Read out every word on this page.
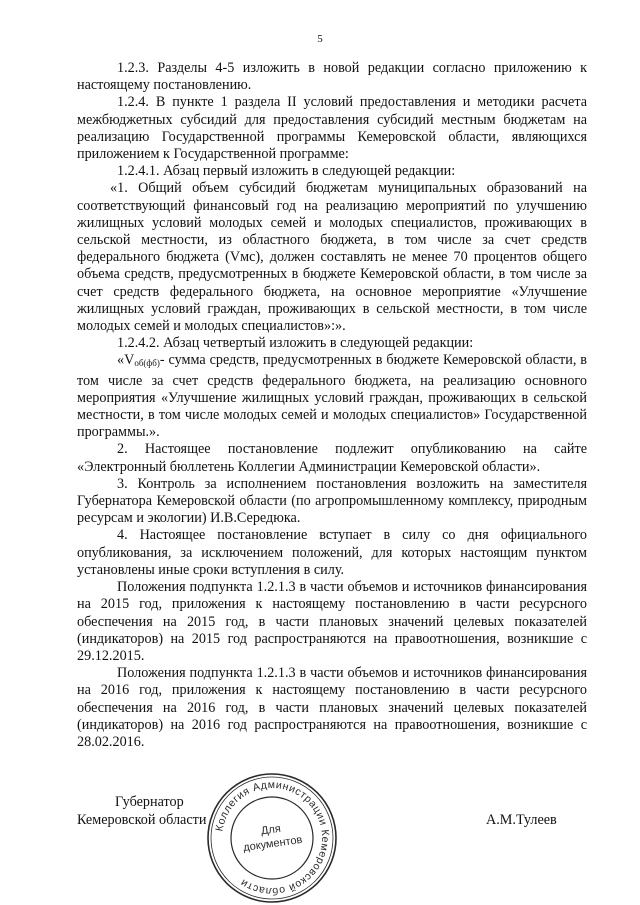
5

1.2.3. Разделы 4-5 изложить в новой редакции согласно приложению к настоящему постановлению.

1.2.4. В пункте 1 раздела II условий предоставления и методики расчета межбюджетных субсидий для предоставления субсидий местным бюджетам на реализацию Государственной программы Кемеровской области, являющихся приложением к Государственной программе:

1.2.4.1. Абзац первый изложить в следующей редакции:

«1. Общий объем субсидий бюджетам муниципальных образований на соответствующий финансовый год на реализацию мероприятий по улучшению жилищных условий молодых семей и молодых специалистов, проживающих в сельской местности, из областного бюджета, в том числе за счет средств федерального бюджета (Vмс), должен составлять не менее 70 процентов общего объема средств, предусмотренных в бюджете Кемеровской области, в том числе за счет средств федерального бюджета, на основное мероприятие «Улучшение жилищных условий граждан, проживающих в сельской местности, в том числе молодых семей и молодых специалистов»:».

1.2.4.2. Абзац четвертый изложить в следующей редакции:

«$V_{об(фб)}-$ сумма средств, предусмотренных в бюджете Кемеровской области, в том числе за счет средств федерального бюджета, на реализацию основного мероприятия «Улучшение жилищных условий граждан, проживающих в сельской местности, в том числе молодых семей и молодых специалистов» Государственной программы.».

2. Настоящее постановление подлежит опубликованию на сайте «Электронный бюллетень Коллегии Администрации Кемеровской области».

3. Контроль за исполнением постановления возложить на заместителя Губернатора Кемеровской области (по агропромышленному комплексу, природным ресурсам и экологии) И.В.Середюка.

4. Настоящее постановление вступает в силу со дня официального опубликования, за исключением положений, для которых настоящим пунктом установлены иные сроки вступления в силу.

Положения подпункта 1.2.1.3 в части объемов и источников финансирования на 2015 год, приложения к настоящему постановлению в части ресурсного обеспечения на 2015 год, в части плановых значений целевых показателей (индикаторов) на 2015 год распространяются на правоотношения, возникшие с 29.12.2015.

Положения подпункта 1.2.1.3 в части объемов и источников финансирования на 2016 год, приложения к настоящему постановлению в части ресурсного обеспечения на 2016 год, в части плановых значений целевых показателей (индикаторов) на 2016 год распространяются на правоотношения, возникшие с 28.02.2016.

Губернатор
Кемеровской области	А.М.Тулеев
Коллегия Администрации Кемеровской области
Для
документов
